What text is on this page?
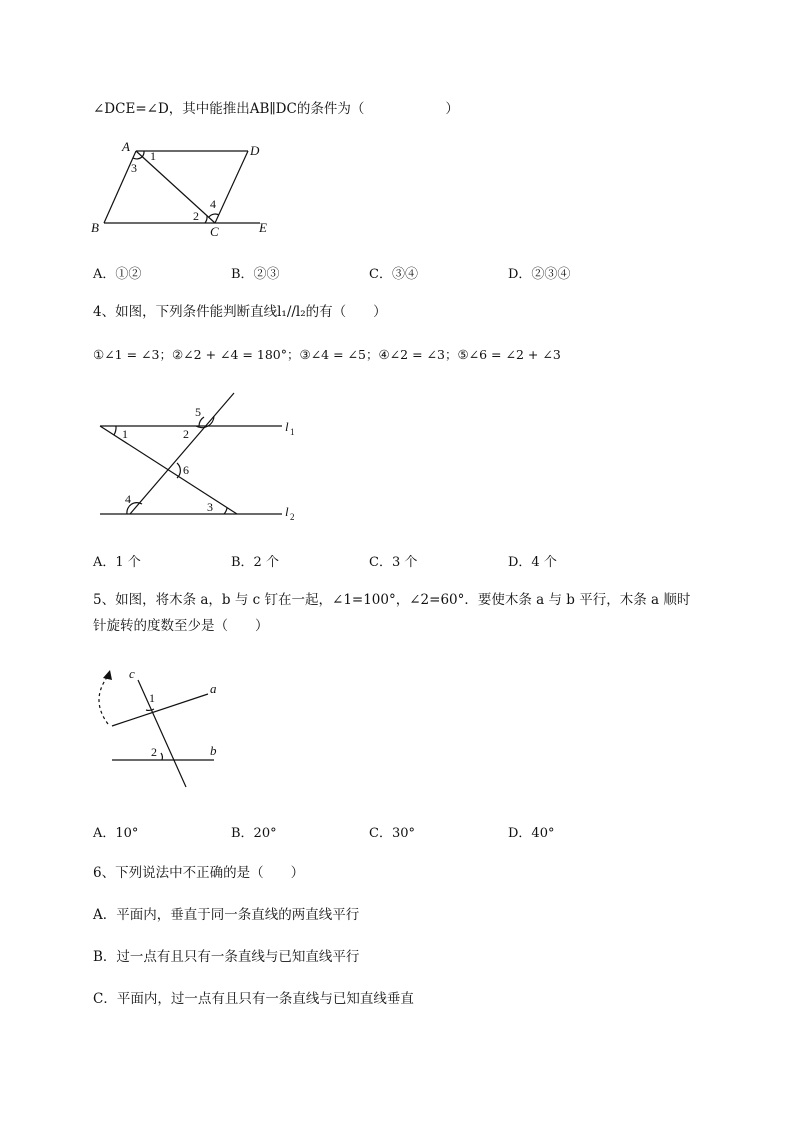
∠DCE=∠D，其中能推出AB∥DC的条件为（　　　　　　）
A	D
B	C	E
1
3
2
4
A．①②	B．②③	C．③④	D．②③④
4、如图，下列条件能判断直线l₁//l₂的有（　　）
①∠1 = ∠3；②∠2 + ∠4 = 180°；③∠4 = ∠5；④∠2 = ∠3；⑤∠6 = ∠2 + ∠3
1	2
5
6
3
4
l 1
l 2
A．1 个	B．2 个	C．3 个	D．4 个
5、如图，将木条 a，b 与 c 钉在一起，∠1=100°，∠2=60°．要使木条 a 与 b 平行，木条 a 顺时
针旋转的度数至少是（　　）
c
a
b
1
2
A．10°	B．20°	C．30°	D．40°
6、下列说法中不正确的是（　　）
A．平面内，垂直于同一条直线的两直线平行
B．过一点有且只有一条直线与已知直线平行
C．平面内，过一点有且只有一条直线与已知直线垂直
